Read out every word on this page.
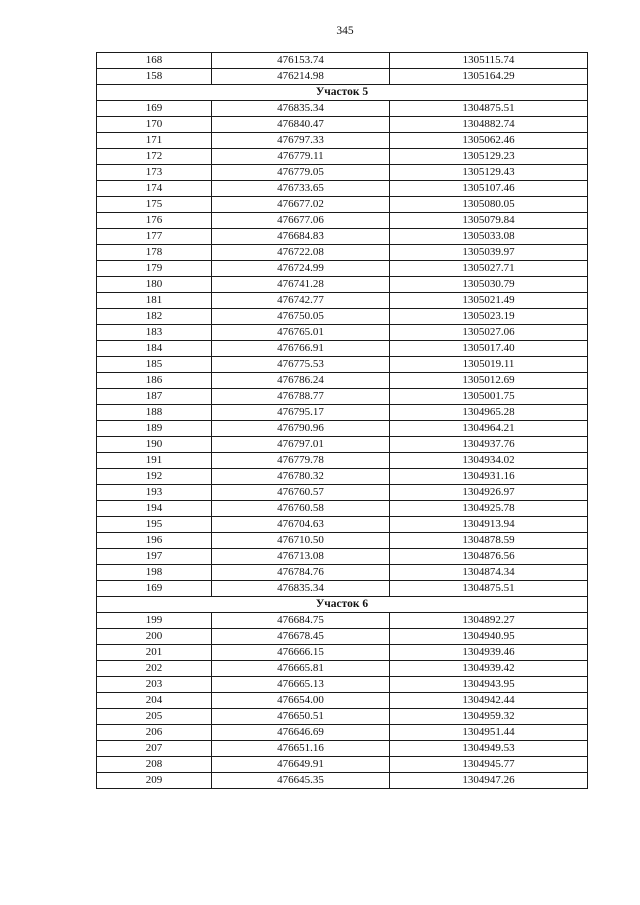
345
168	476153.74	1305115.74
158	476214.98	1305164.29
Участок 5		
169	476835.34	1304875.51
170	476840.47	1304882.74
171	476797.33	1305062.46
172	476779.11	1305129.23
173	476779.05	1305129.43
174	476733.65	1305107.46
175	476677.02	1305080.05
176	476677.06	1305079.84
177	476684.83	1305033.08
178	476722.08	1305039.97
179	476724.99	1305027.71
180	476741.28	1305030.79
181	476742.77	1305021.49
182	476750.05	1305023.19
183	476765.01	1305027.06
184	476766.91	1305017.40
185	476775.53	1305019.11
186	476786.24	1305012.69
187	476788.77	1305001.75
188	476795.17	1304965.28
189	476790.96	1304964.21
190	476797.01	1304937.76
191	476779.78	1304934.02
192	476780.32	1304931.16
193	476760.57	1304926.97
194	476760.58	1304925.78
195	476704.63	1304913.94
196	476710.50	1304878.59
197	476713.08	1304876.56
198	476784.76	1304874.34
169	476835.34	1304875.51
Участок 6		
199	476684.75	1304892.27
200	476678.45	1304940.95
201	476666.15	1304939.46
202	476665.81	1304939.42
203	476665.13	1304943.95
204	476654.00	1304942.44
205	476650.51	1304959.32
206	476646.69	1304951.44
207	476651.16	1304949.53
208	476649.91	1304945.77
209	476645.35	1304947.26
